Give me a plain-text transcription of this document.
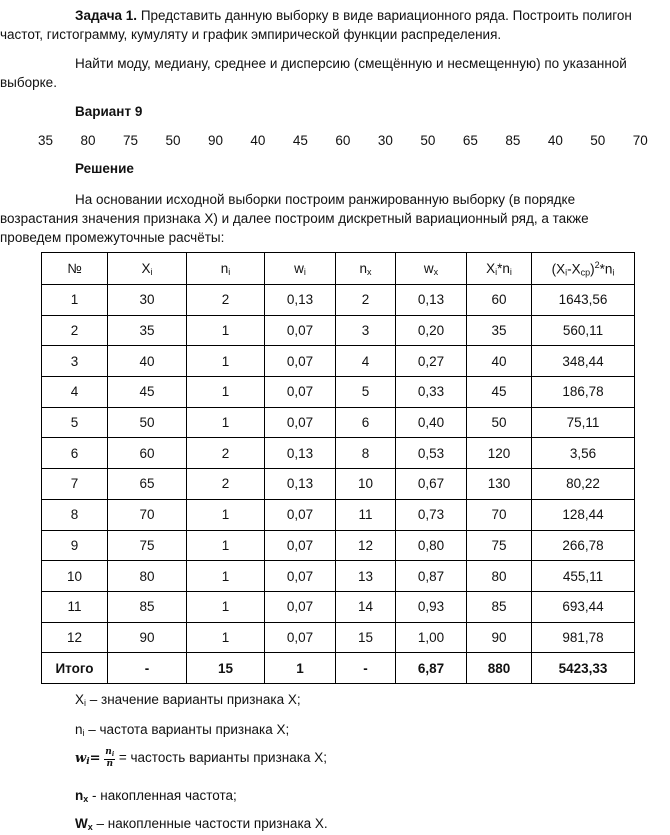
Задача 1. Представить данную выборку в виде вариационного ряда. Построить полигон
частот, гистограмму, кумуляту и график эмпирической функции распределения.
Найти моду, медиану, среднее и дисперсию (смещённую и несмещенную) по указанной
выборке.
Вариант 9
35 80 75 50 90 40 45 60 30 50 65 85 40 50 70
Решение
На основании исходной выборки построим ранжированную выборку (в порядке
возрастания значения признака X) и далее построим дискретный вариационный ряд, а также
проведем промежуточные расчёты:
№	$X_i$	$n_i$	$w_i$	$n_x$	$w_x$	$X_i*n_i$	$(X_i-X_{ср})^2*n_i$
1	30	2	0,13	2	0,13	60	1643,56
2	35	1	0,07	3	0,20	35	560,11
3	40	1	0,07	4	0,27	40	348,44
4	45	1	0,07	5	0,33	45	186,78
5	50	1	0,07	6	0,40	50	75,11
6	60	2	0,13	8	0,53	120	3,56
7	65	2	0,13	10	0,67	130	80,22
8	70	1	0,07	11	0,73	70	128,44
9	75	1	0,07	12	0,80	75	266,78
10	80	1	0,07	13	0,87	80	455,11
11	85	1	0,07	14	0,93	85	693,44
12	90	1	0,07	15	1,00	90	981,78
Итого	-	15	1	-	6,87	880	5423,33
$X_i$ – значение варианты признака X;
$n_i$ – частота варианты признака X;
$w_i= \frac{n_i}{n}$ = частость варианты признака X;
$n_x$ - накопленная частота;
$W_x$ – накопленные частости признака X.
